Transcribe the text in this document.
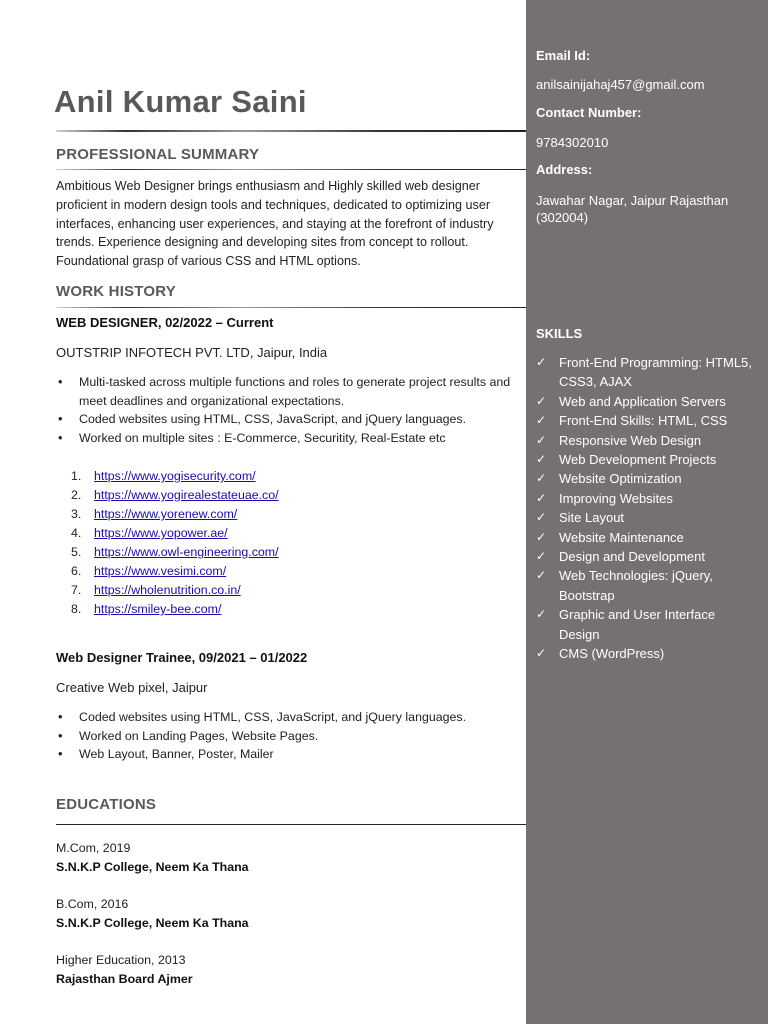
Anil Kumar Saini
PROFESSIONAL SUMMARY
Ambitious Web Designer brings enthusiasm and Highly skilled web designer proficient in modern design tools and techniques, dedicated to optimizing user interfaces, enhancing user experiences, and staying at the forefront of industry trends. Experience designing and developing sites from concept to rollout. Foundational grasp of various CSS and HTML options.
WORK HISTORY
WEB DESIGNER, 02/2022 – Current
OUTSTRIP INFOTECH PVT. LTD, Jaipur, India
• Multi-tasked across multiple functions and roles to generate project results and meet deadlines and organizational expectations.
• Coded websites using HTML, CSS, JavaScript, and jQuery languages.
• Worked on multiple sites : E-Commerce, Securitity, Real-Estate etc
1. https://www.yogisecurity.com/
2. https://www.yogirealestateuae.co/
3. https://www.yorenew.com/
4. https://www.yopower.ae/
5. https://www.owl-engineering.com/
6. https://www.vesimi.com/
7. https://wholenutrition.co.in/
8. https://smiley-bee.com/
Web Designer Trainee, 09/2021 – 01/2022
Creative Web pixel, Jaipur
• Coded websites using HTML, CSS, JavaScript, and jQuery languages.
• Worked on Landing Pages, Website Pages.
• Web Layout, Banner, Poster, Mailer
EDUCATIONS
M.Com, 2019
S.N.K.P College, Neem Ka Thana
B.Com, 2016
S.N.K.P College, Neem Ka Thana
Higher Education, 2013
Rajasthan Board Ajmer
Email Id:
anilsainijahaj457@gmail.com
Contact Number:
9784302010
Address:
Jawahar Nagar, Jaipur Rajasthan (302004)
SKILLS
✓ Front-End Programming: HTML5, CSS3, AJAX
✓ Web and Application Servers
✓ Front-End Skills: HTML, CSS
✓ Responsive Web Design
✓ Web Development Projects
✓ Website Optimization
✓ Improving Websites
✓ Site Layout
✓ Website Maintenance
✓ Design and Development
✓ Web Technologies: jQuery, Bootstrap
✓ Graphic and User Interface Design
✓ CMS (WordPress)
